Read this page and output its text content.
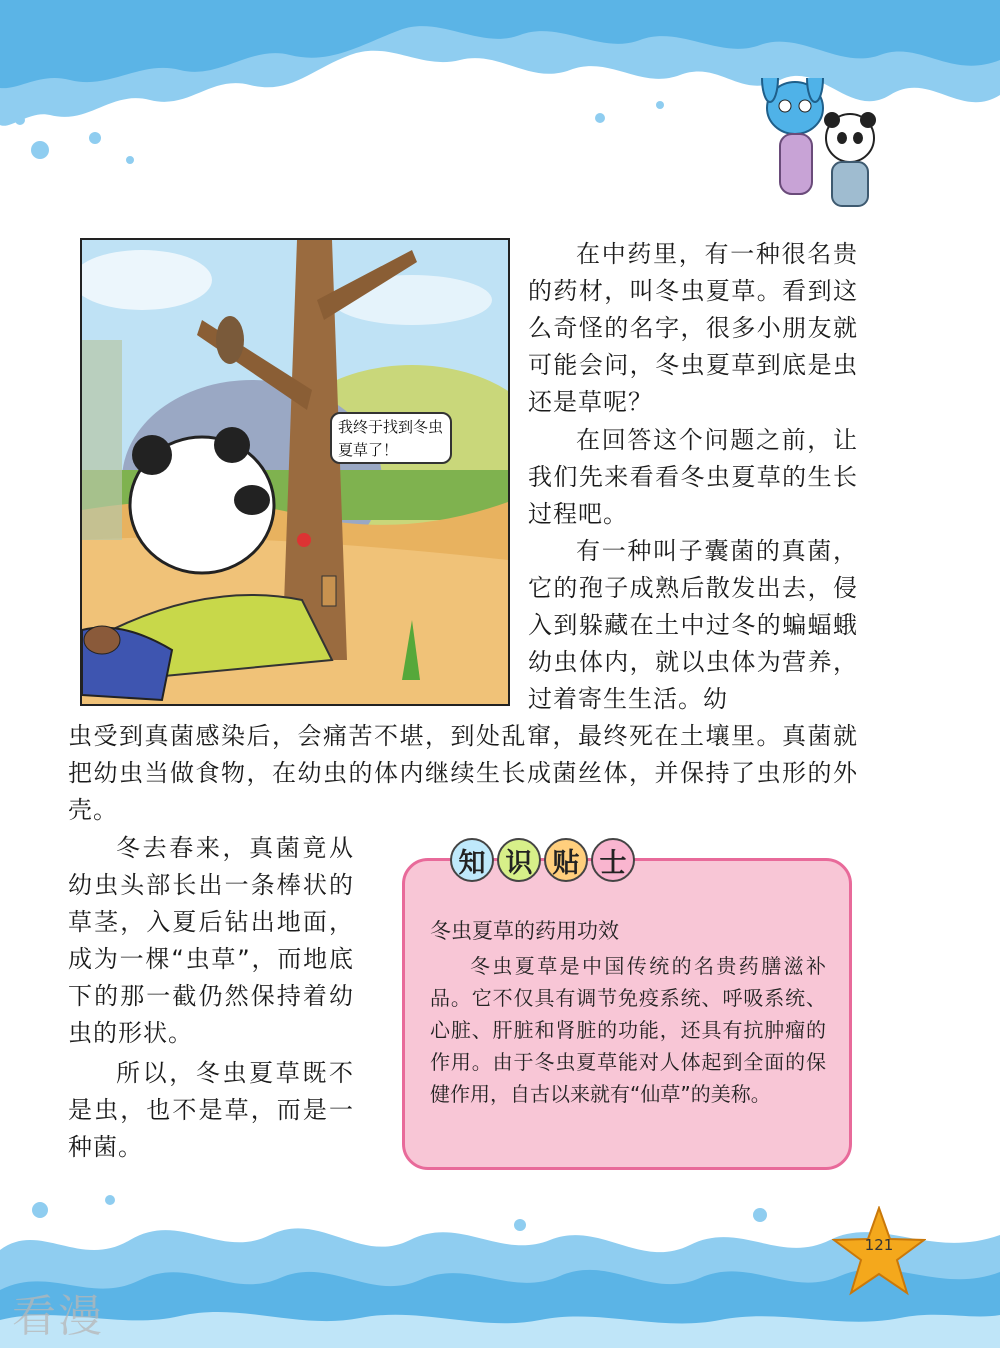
我终于找到冬虫夏草了！

在中药里，有一种很名贵的药材，叫冬虫夏草。看到这么奇怪的名字，很多小朋友就可能会问，冬虫夏草到底是虫还是草呢？

在回答这个问题之前，让我们先来看看冬虫夏草的生长过程吧。

有一种叫子囊菌的真菌，它的孢子成熟后散发出去，侵入到躲藏在土中过冬的蝙蝠蛾幼虫体内，就以虫体为营养，过着寄生生活。幼

虫受到真菌感染后，会痛苦不堪，到处乱窜，最终死在土壤里。真菌就把幼虫当做食物，在幼虫的体内继续生长成菌丝体，并保持了虫形的外壳。

冬去春来，真菌竟从幼虫头部长出一条棒状的草茎，入夏后钻出地面，成为一棵“虫草”，而地底下的那一截仍然保持着幼虫的形状。

所以，冬虫夏草既不是虫，也不是草，而是一种菌。

知 识 贴 士
冬虫夏草的药用功效

冬虫夏草是中国传统的名贵药膳滋补品。它不仅具有调节免疫系统、呼吸系统、心脏、肝脏和肾脏的功能，还具有抗肿瘤的作用。由于冬虫夏草能对人体起到全面的保健作用，自古以来就有“仙草”的美称。

121
看漫
